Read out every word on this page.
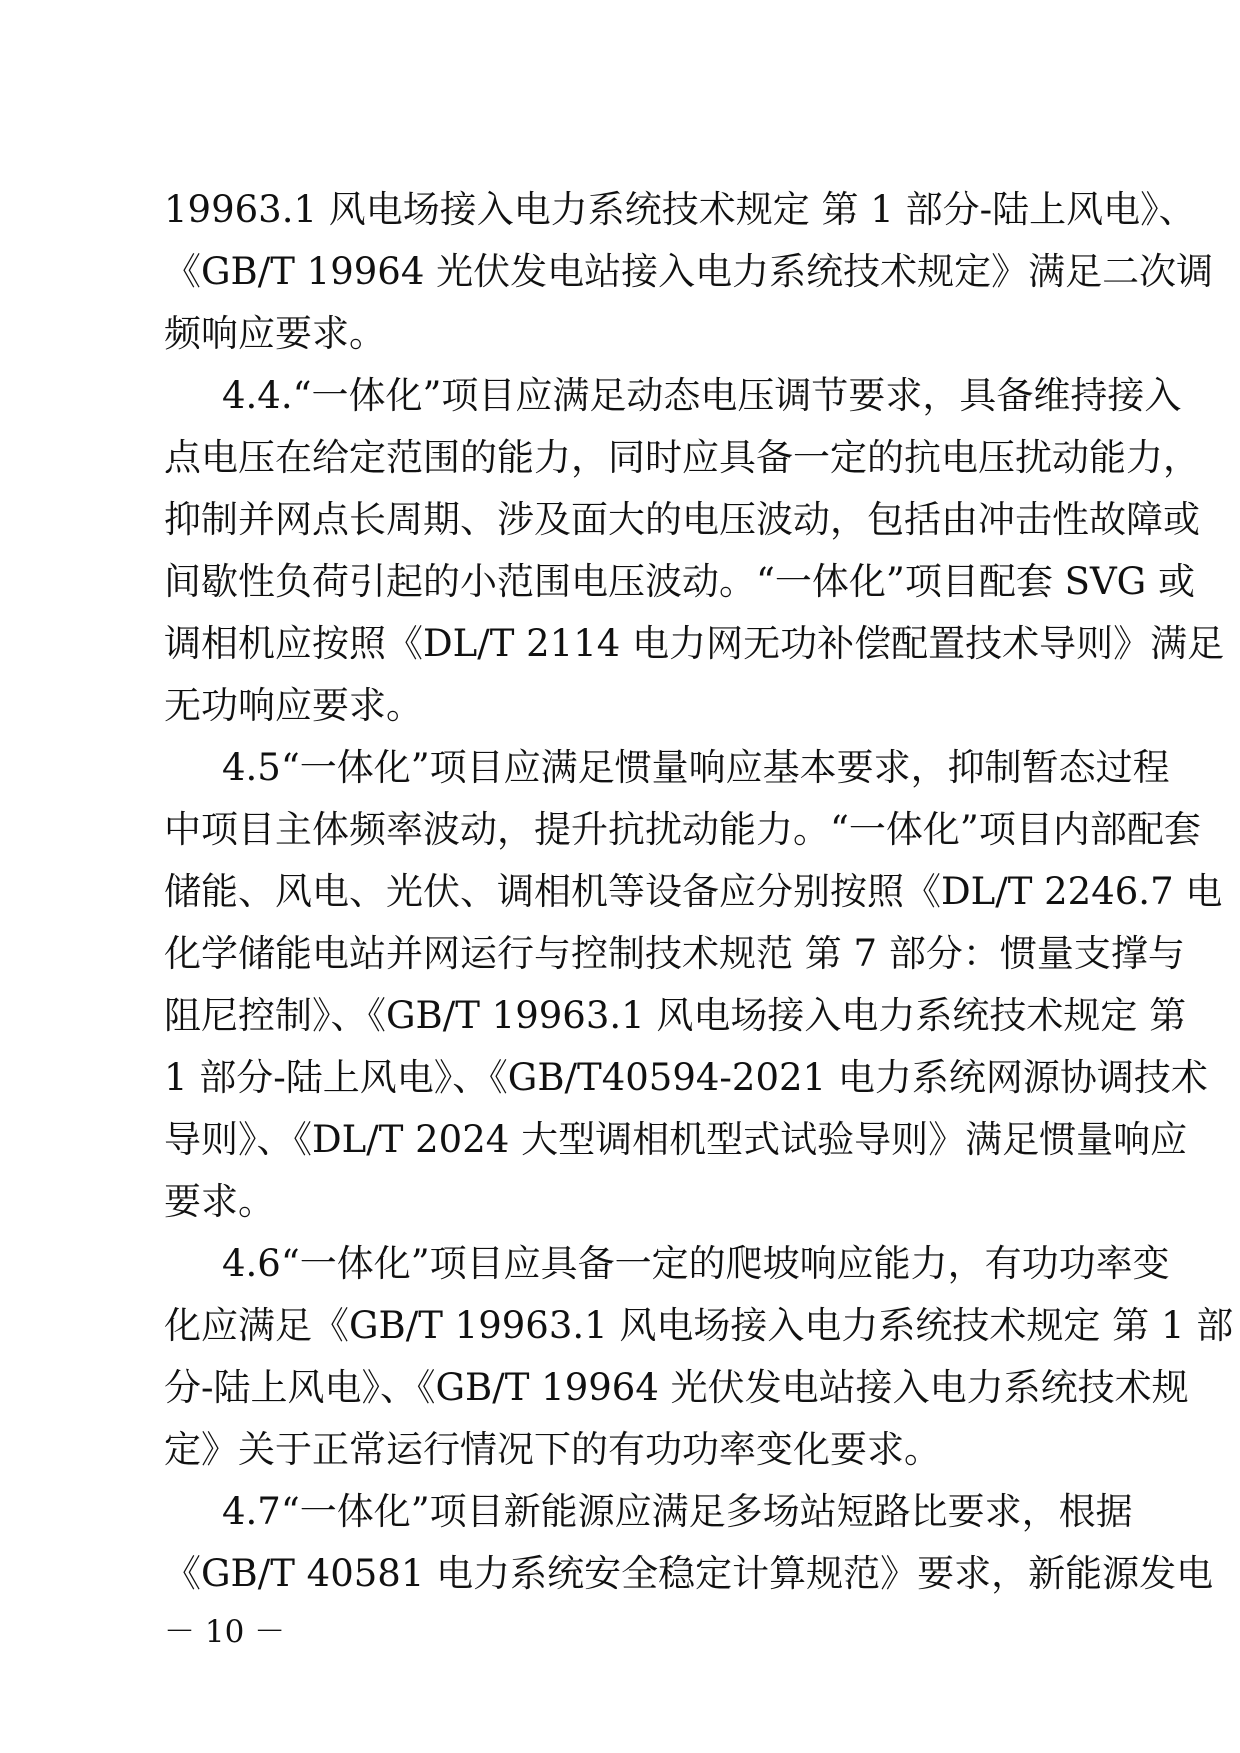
19963.1 风电场接入电力系统技术规定 第 1 部分-陆上风电》、
《GB/T 19964 光伏发电站接入电力系统技术规定》满足二次调
频响应要求。
4.4.“一体化”项目应满足动态电压调节要求，具备维持接入
点电压在给定范围的能力，同时应具备一定的抗电压扰动能力，
抑制并网点长周期、涉及面大的电压波动，包括由冲击性故障或
间歇性负荷引起的小范围电压波动。“一体化”项目配套 SVG 或
调相机应按照《DL/T 2114 电力网无功补偿配置技术导则》满足
无功响应要求。
4.5“一体化”项目应满足惯量响应基本要求，抑制暂态过程
中项目主体频率波动，提升抗扰动能力。“一体化”项目内部配套
储能、风电、光伏、调相机等设备应分别按照《DL/T 2246.7 电
化学储能电站并网运行与控制技术规范 第 7 部分：惯量支撑与
阻尼控制》、《GB/T 19963.1 风电场接入电力系统技术规定 第
1 部分-陆上风电》、《GB/T40594-2021 电力系统网源协调技术
导则》、《DL/T 2024 大型调相机型式试验导则》满足惯量响应
要求。
4.6“一体化”项目应具备一定的爬坡响应能力，有功功率变
化应满足《GB/T 19963.1 风电场接入电力系统技术规定 第 1 部
分-陆上风电》、《GB/T 19964 光伏发电站接入电力系统技术规
定》关于正常运行情况下的有功功率变化要求。
4.7“一体化”项目新能源应满足多场站短路比要求，根据
《GB/T 40581 电力系统安全稳定计算规范》要求，新能源发电
－ 10 －
